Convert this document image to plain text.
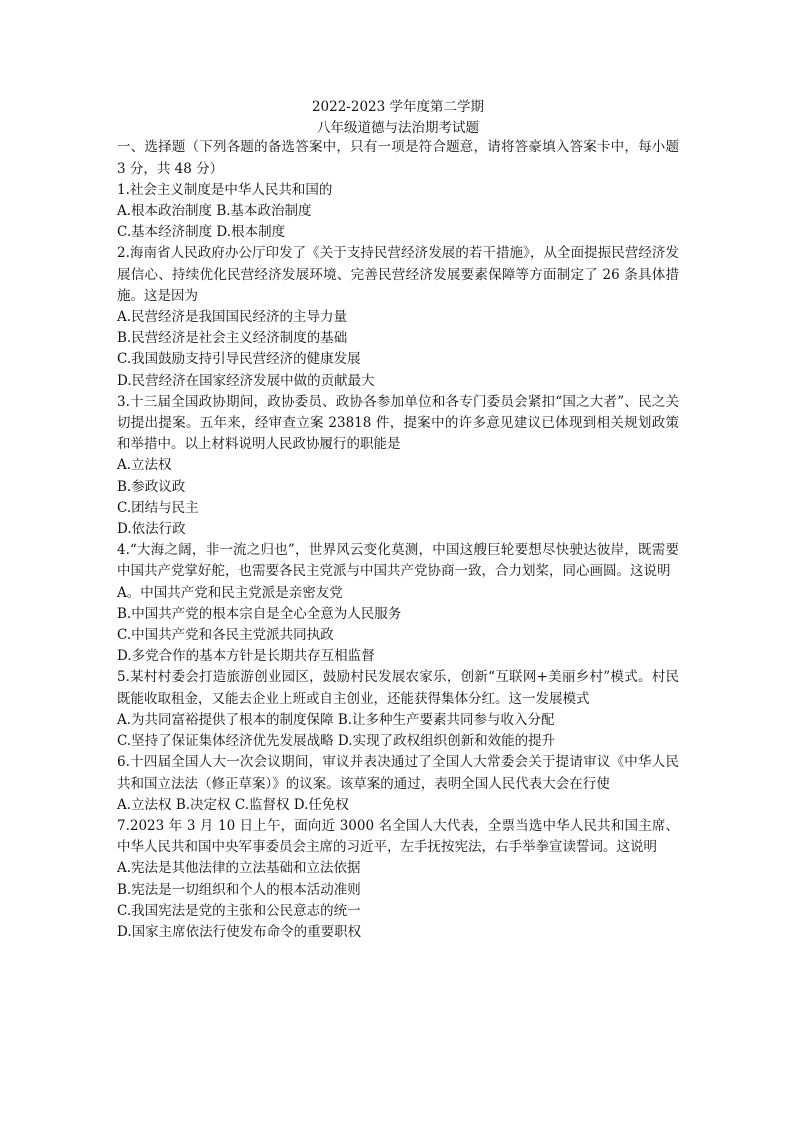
2022-2023 学年度第二学期

八年级道德与法治期考试题

一、选择题（下列各题的备选答案中，只有一项是符合题意，请将答豪填入答案卡中，每小题 3 分，共 48 分）

1.社会主义制度是中华人民共和国的

A.根本政治制度 B.基本政治制度

C.基本经济制度 D.根本制度

2.海南省人民政府办公厅印发了《关于支持民营经济发展的若干措施》，从全面提振民营经济发展信心、持续优化民营经济发展环境、完善民营经济发展要素保障等方面制定了 26 条具体措施。这是因为

A.民营经济是我国国民经济的主导力量

B.民营经济是社会主义经济制度的基础

C.我国鼓励支持引导民营经济的健康发展

D.民营经济在国家经济发展中做的贡献最大

3.十三届全国政协期间，政协委员、政协各参加单位和各专门委员会紧扣“国之大者”、民之关切提出提案。五年来，经审查立案 23818 件，提案中的许多意见建议已体现到相关规划政策和举措中。以上材料说明人民政协履行的职能是

A.立法权

B.参政议政

C.团结与民主

D.依法行政

4.“大海之阔，非一流之归也”，世界风云变化莫测，中国这艘巨轮要想尽快驶达彼岸，既需要中国共产党掌好舵，也需要各民主党派与中国共产党协商一致，合力划桨，同心画圆。这说明

A。中国共产党和民主党派是亲密友党

B.中国共产党的根本宗自是全心全意为人民服务

C.中国共产党和各民主党派共同执政

D.多党合作的基本方针是长期共存互相监督

5.某村村委会打造旅游创业园区，鼓励村民发展农家乐，创新“互联网+美丽乡村”模式。村民既能收取租金，又能去企业上班或自主创业，还能获得集体分红。这一发展模式

A.为共同富裕提供了根本的制度保障 B.让多种生产要素共同参与收入分配

C.坚持了保证集体经济优先发展战略 D.实现了政权组织创新和效能的提升

6.十四届全国人大一次会议期间，审议并表决通过了全国人大常委会关于提请审议《中华人民共和国立法法（修正草案）》的议案。该草案的通过，表明全国人民代表大会在行使

A.立法权 B.决定权 C.监督权 D.任免权

7.2023 年 3 月 10 日上午，面向近 3000 名全国人大代表，全票当选中华人民共和国主席、中华人民共和国中央军事委员会主席的习近平，左手抚按宪法，右手举拳宣读誓词。这说明

A.宪法是其他法律的立法基础和立法依据

B.宪法是一切组织和个人的根本活动准则

C.我国宪法是党的主张和公民意志的统一

D.国家主席依法行使发布命令的重要职权
